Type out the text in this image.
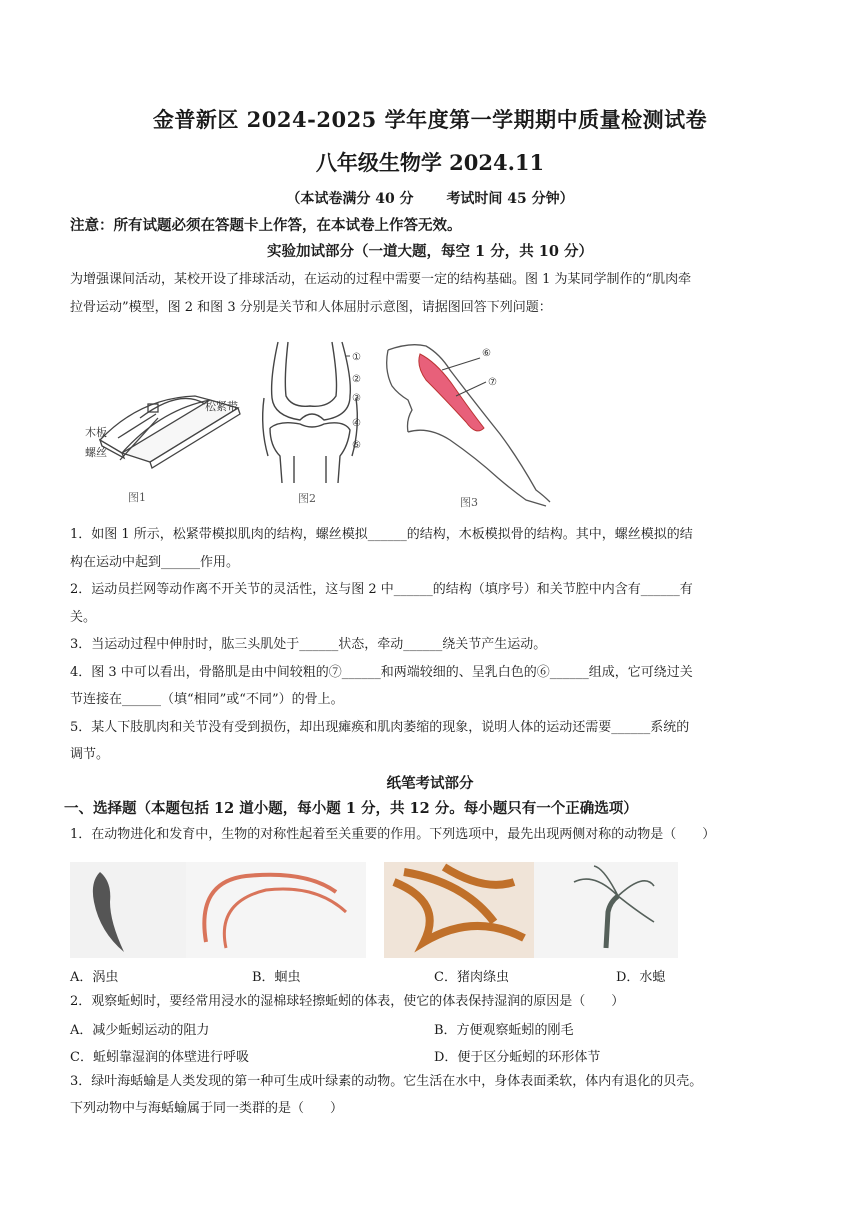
金普新区 2024-2025 学年度第一学期期中质量检测试卷
八年级生物学 2024.11
（本试卷满分 40 分 考试时间 45 分钟）
注意：所有试题必须在答题卡上作答，在本试卷上作答无效。
实验加试部分（一道大题，每空 1 分，共 10 分）
为增强课间活动，某校开设了排球活动，在运动的过程中需要一定的结构基础。图 1 为某同学制作的“肌肉牵
拉骨运动”模型，图 2 和图 3 分别是关节和人体屈肘示意图，请据图回答下列问题：
木板
螺丝
松紧带
图1
①
②
③
④
⑤
图2
⑥
⑦
图3
1．如图 1 所示，松紧带模拟肌肉的结构，螺丝模拟______的结构，木板模拟骨的结构。其中，螺丝模拟的结
构在运动中起到______作用。
2．运动员拦网等动作离不开关节的灵活性，这与图 2 中______的结构（填序号）和关节腔中内含有______有
关。
3．当运动过程中伸肘时，肱三头肌处于______状态，牵动______绕关节产生运动。
4．图 3 中可以看出，骨骼肌是由中间较粗的⑦______和两端较细的、呈乳白色的⑥______组成，它可绕过关
节连接在______（填“相同”或“不同”）的骨上。
5．某人下肢肌肉和关节没有受到损伤，却出现瘫痪和肌肉萎缩的现象，说明人体的运动还需要______系统的
调节。
纸笔考试部分
一、选择题（本题包括 12 道小题，每小题 1 分，共 12 分。每小题只有一个正确选项）
1．在动物进化和发育中，生物的对称性起着至关重要的作用。下列选项中，最先出现两侧对称的动物是（　　）
A．涡虫	B．蛔虫	C．猪肉绦虫	D．水螅
2．观察蚯蚓时，要经常用浸水的湿棉球轻擦蚯蚓的体表，使它的体表保持湿润的原因是（　　）
A．减少蚯蚓运动的阻力	B．方便观察蚯蚓的刚毛
C．蚯蚓靠湿润的体壁进行呼吸	D．便于区分蚯蚓的环形体节
3．绿叶海蛞蝓是人类发现的第一种可生成叶绿素的动物。它生活在水中，身体表面柔软，体内有退化的贝壳。
下列动物中与海蛞蝓属于同一类群的是（　　）
